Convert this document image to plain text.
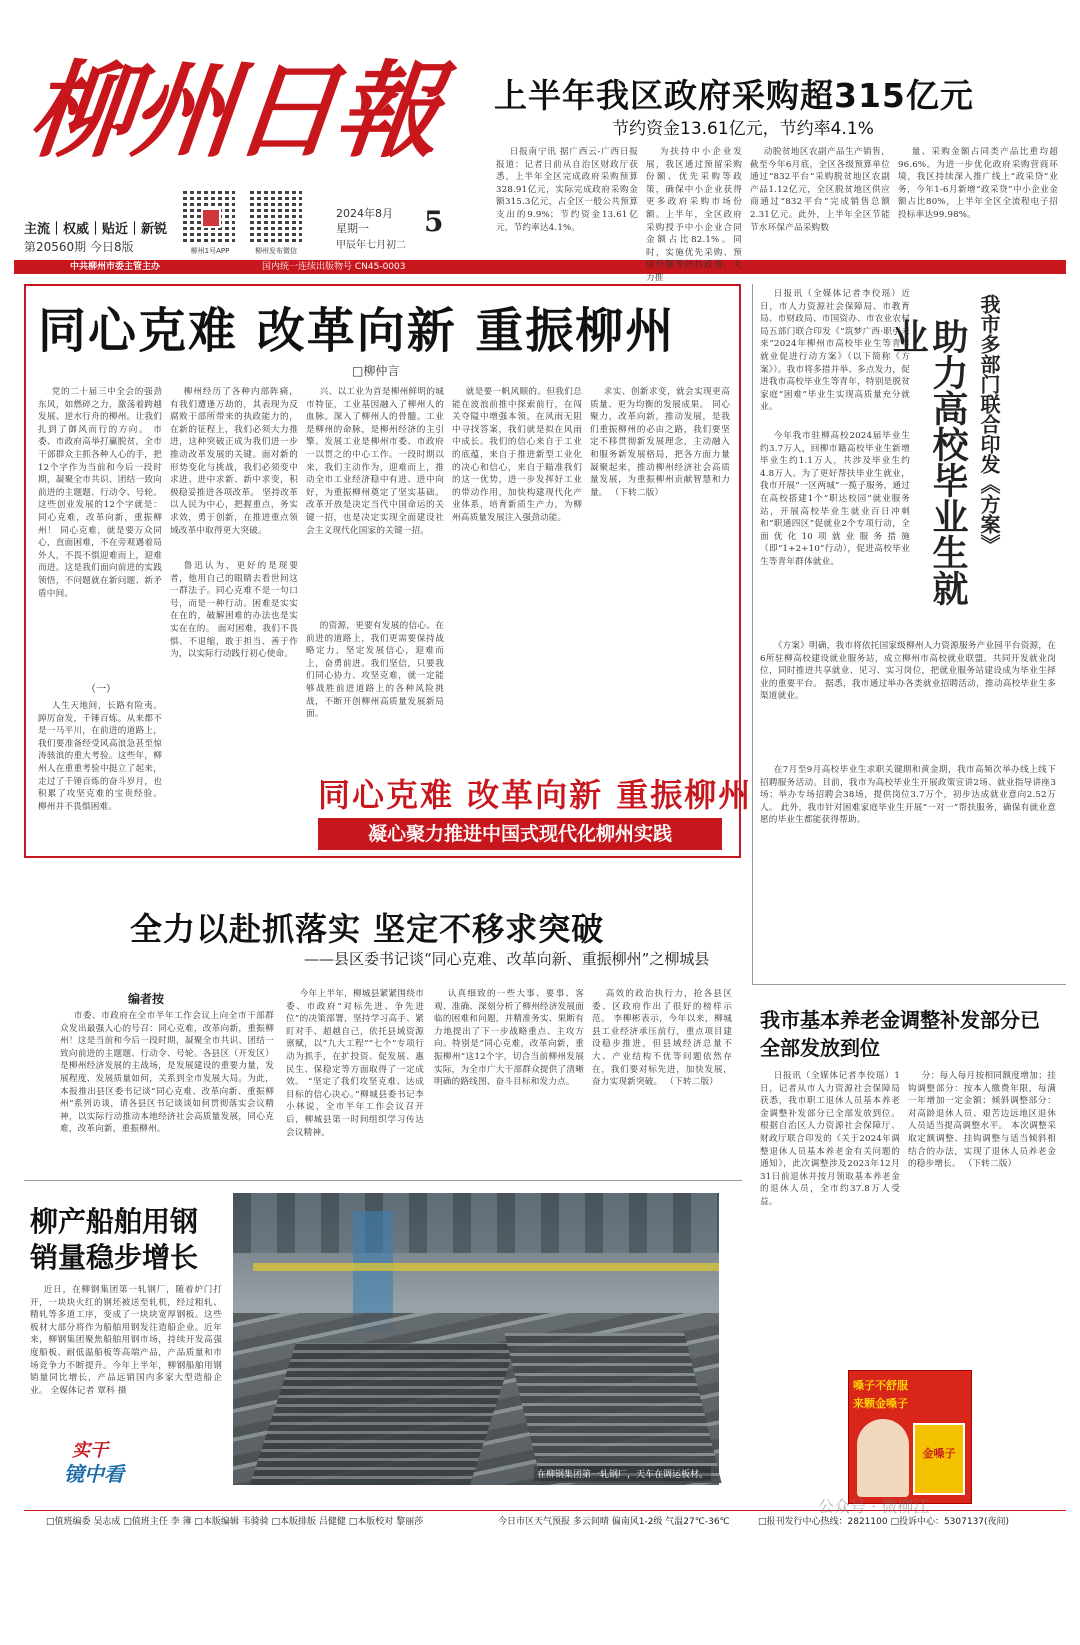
柳州日報
主流｜权威｜贴近｜新锐
第20560期 今日8版	柳州1号APP	柳州发布微信
2024年8月
星期一
甲辰年七月初二
5
中共柳州市委主管主办	国内统一连续出版物号 CN45-0003
上半年我区政府采购超315亿元
节约资金13.61亿元，节约率4.1%

日报南宁讯 据广西云-广西日报报道：记者日前从自治区财政厅获悉，上半年全区完成政府采购预算328.91亿元，实际完成政府采购金额315.3亿元，占全区一般公共预算支出的9.9%；节约资金13.61亿元，节约率达4.1%。

为扶持中小企业发展，我区通过预留采购份额、优先采购等政策，确保中小企业获得更多政府采购市场份额。上半年，全区政府采购授予中小企业合同金额占比82.1%。同时，实施优先采购、预留份额等扶持政策，大力推

动脱贫地区农副产品生产销售，截至今年6月底，全区各级预算单位通过“832平台”采购脱贫地区农副产品1.12亿元，全区脱贫地区供应商通过“832平台”完成销售总额2.31亿元。此外，上半年全区节能节水环保产品采购数

量、采购金额占同类产品比重均超96.6%。为进一步优化政府采购营商环境，我区持续深入推广线上“政采贷”业务，今年1-6月新增“政采贷”中小企业金额占比80%，上半年全区全流程电子招投标率达99.98%。

同心克难 改革向新 重振柳州
□柳仲言

党的二十届三中全会的强劲东风，如燃碎之力，激荡着跨越发展、逆水行舟的柳州。让我们扎到了御风而行的方向。 市委、市政府高举打赢脱贫，全市干部群众主抓各种人心的手，把12个字作为当前和今后一段时期，凝聚全市共识、团结一致向前进的主题题、行动令、号轮。这些创业发展的12个字就是：同心克难，改革向新，重振柳州！ 同心克难，就是要万众同心，直面困难，不在旁观遇着局外人，不畏不惧迎难而上，迎难而进。这是我们面向前进的实践领悟，不问题就在新问题、新矛盾中间。

（一）

人生天地间，长路有险夷。踔厉奋发，千锤百炼。从来都不是一马平川，在前进的道路上，我们要准备经受风高浪急甚至惊涛骇浪的重大考验。这些年，柳州人在重重考验中挺立了起来，走过了千锤百炼的奋斗岁月，也积累了攻坚克难的宝贵经验。 柳州并不畏惧困难。

柳州经历了各种内部阵痛，有我们遭逢万劫的，其表现为反腐败干部所带来的执政能力的，在新的征程上，我们必须大力推进，这种突破正成为我们进一步推动改革发展的关键。面对新的形势变化与挑战，我们必须变中求进、进中求新、新中求变，积极稳妥推进各项改革。 坚持改革以人民为中心，把握重点，务实求效，勇于创新，在推进重点领域改革中取得更大突破。

鲁迅认为，更好的是现要者，他用自己的眼睛去看世间这一群法子。同心克难不是一句口号，而是一种行动。困难是实实在在的，破解困难的办法也是实实在在的。 面对困难，我们不畏惧、不退缩，敢于担当、善于作为，以实际行动践行初心使命。

兴、以工业为首是柳州鲜明的城市特征，工业基因融入了柳州人的血脉。深入了柳州人的骨髓。工业是柳州的命脉，是柳州经济的主引擎。发展工业是柳州市委、市政府一以贯之的中心工作。一段时期以来，我们主动作为，迎难而上，推动全市工业经济稳中有进、进中向好，为重振柳州奠定了坚实基础。 改革开放是决定当代中国命运的关键一招，也是决定实现全面建设社会主义现代化国家的关键一招。

的资源，更要有发展的信心。在前进的道路上，我们更需要保持战略定力，坚定发展信心，迎难而上，奋勇前进。我们坚信，只要我们同心协力、攻坚克难，就一定能够战胜前进道路上的各种风险挑战，不断开创柳州高质量发展新局面。

就是要一帆风顺的。但我们总能在波浪前推中探索前行，在闯关夺隘中增强本领，在风雨无阻中寻找答案，我们就是拟在风雨中成长。我们的信心来自于工业的底蕴，来自于推进新型工业化的决心和信心，来自于瞄准我们的这一优势，进一步发挥好工业的带动作用，加快构建现代化产业体系，培育新质生产力，为柳州高质量发展注入强劲动能。

求实、创新求变，就会实现更高质量、更为均衡的发展成果。 同心聚力，改革向新，推动发展，是我们重振柳州的必由之路，我们要坚定不移贯彻新发展理念，主动融入和服务新发展格局，把各方面力量凝聚起来，推动柳州经济社会高质量发展，为重振柳州贡献智慧和力量。 （下转二版）

同心克难 改革向新 重振柳州
凝心聚力推进中国式现代化柳州实践

日报讯（全媒体记者李佼瑶）近日，市人力资源社会保障局、市教育局、市财政局、市国资办、市农业农村局五部门联合印发《“筑梦广西·职引未来”2024年柳州市高校毕业生等青年就业促进行动方案》（以下简称《方案》）。我市将多措并举、多点发力，促进我市高校毕业生等青年，特别是脱贫家庭“困难”毕业生实现高质量充分就业。	我市多部门联合印发《方案》
助力高校毕业生就业

今年我市驻柳高校2024届毕业生约3.7万人，回柳市籍高校毕业生新增毕业生约1.1万人，共涉及毕业生约4.8万人。为了更好帮扶毕业生就业，我市开展“一区两城”一揽子服务，通过在高校搭建1个“职达校园”就业服务站，开展高校毕业生就业百日冲刺和“职通四区”促就业2个专项行动，全面优化10项就业服务措施（即“1+2+10”行动），促进高校毕业生等青年群体就业。

《方案》明确，我市将依托国家级柳州人力资源服务产业园平台资源，在6所驻柳高校建设就业服务站，成立柳州市高校就业联盟，共同开发就业岗位，同时推进共享就业、见习、实习岗位，把就业服务站建设成为毕业生择业的重要平台。 据悉，我市通过举办各类就业招聘活动，推动高校毕业生多渠道就业。

在7月至9月高校毕业生求职关键期和黄金期，我市高频次举办线上线下招聘服务活动。目前，我市为高校毕业生开展政策宣讲2场、就业指导讲座3场；举办专场招聘会38场，提供岗位3.7万个，初步达成就业意向2.52万人。 此外，我市针对困难家庭毕业生开展“一对一”帮扶服务，确保有就业意愿的毕业生都能获得帮助。

我市基本养老金调整补发部分已全部发放到位

日报讯（全媒体记者李佼瑶）1日，记者从市人力资源社会保障局获悉，我市职工退休人员基本养老金调整补发部分已全部发放到位。 根据自治区人力资源社会保障厅、财政厅联合印发的《关于2024年调整退休人员基本养老金有关问题的通知》，此次调整涉及2023年12月31日前退休并按月领取基本养老金的退休人员，全市约37.8万人受益。

分：每人每月按相同额度增加；挂钩调整部分：按本人缴费年限，每满一年增加一定金额；倾斜调整部分：对高龄退休人员、艰苦边远地区退休人员适当提高调整水平。 本次调整采取定额调整、挂钩调整与适当倾斜相结合的办法，实现了退休人员养老金的稳步增长。 （下转二版）

嗓子不舒服
来颗金嗓子
金嗓子
全力以赴抓落实 坚定不移求突破
——县区委书记谈“同心克难、改革向新、重振柳州”之柳城县
编者按

市委、市政府在全市半年工作会议上向全市干部群众发出最强人心的号召：同心克难，改革向新，重振柳州！这是当前和今后一段时期，凝聚全市共识、团结一致向前进的主题题、行动令、号轮。各县区（开发区）是柳州经济发展的主战场，是发展建设的重要力量，发展程度、发展质量如何，关系到全市发展大局。为此，本报推出县区委书记谈“同心克难、改革向新、重振柳州”系列访谈，请各县区书记谈谈如何贯彻落实会议精神，以实际行动推动本地经济社会高质量发展，同心克难，改革向新，重振柳州。

今年上半年，柳城县紧紧围绕市委、市政府“对标先进、争先进位”的决策部署，坚持学习高手、紧盯对手、超越自己，依托县域资源禀赋，以“九大工程”“七个”专项行动为抓手，在扩投资、促发展、惠民生、保稳定等方面取得了一定成效。 “坚定了我们攻坚克难、达成目标的信心决心。”柳城县委书记李小林说，全市半年工作会议召开后，柳城县第一时间组织学习传达会议精神。

认真细致的一些大事、要事、客观、准确、深刻分析了柳州经济发展面临的困难和问题，并精准务实、果断有力地提出了下一步战略重点、主攻方向。特别是“同心克难，改革向新，重振柳州”这12个字，切合当前柳州发展实际，为全市广大干部群众提供了清晰明确的路线图、奋斗目标和发力点。

高效的政治执行力，抢各县区委、区政府作出了很好的榜样示范。 李柳彬表示，今年以来，柳城县工业经济承压前行，重点项目建设稳步推进，但县域经济总量不大、产业结构不优等问题依然存在，我们要对标先进，加快发展，奋力实现新突破。 （下转二版）

柳产船舶用钢
销量稳步增长

近日，在柳钢集团第一轧钢厂，随着炉门打开，一块块火红的钢坯被送至轧机，经过粗轧、精轧等多道工序，变成了一块块宽厚钢板。这些板材大部分将作为船舶用钢发往造船企业。近年来，柳钢集团聚焦船舶用钢市场，持续开发高强度船板、耐低温船板等高端产品，产品质量和市场竞争力不断提升。今年上半年，柳钢船舶用钢销量同比增长，产品远销国内多家大型造船企业。 全媒体记者 覃科 摄

实干
镜中看	在柳钢集团第一轧钢厂，天车在调运板材。
□值班编委 吴志成 □值班主任 李 簿 □本版编辑 韦骑骑 □本版排版 吕健健 □本版校对 黎丽莎	今日市区天气预报 多云间晴 偏南风1-2级 气温27℃-36℃	□报刊发行中心热线：2821100 □投诉中心：5307137(夜间)
公众号 · 微柳江
